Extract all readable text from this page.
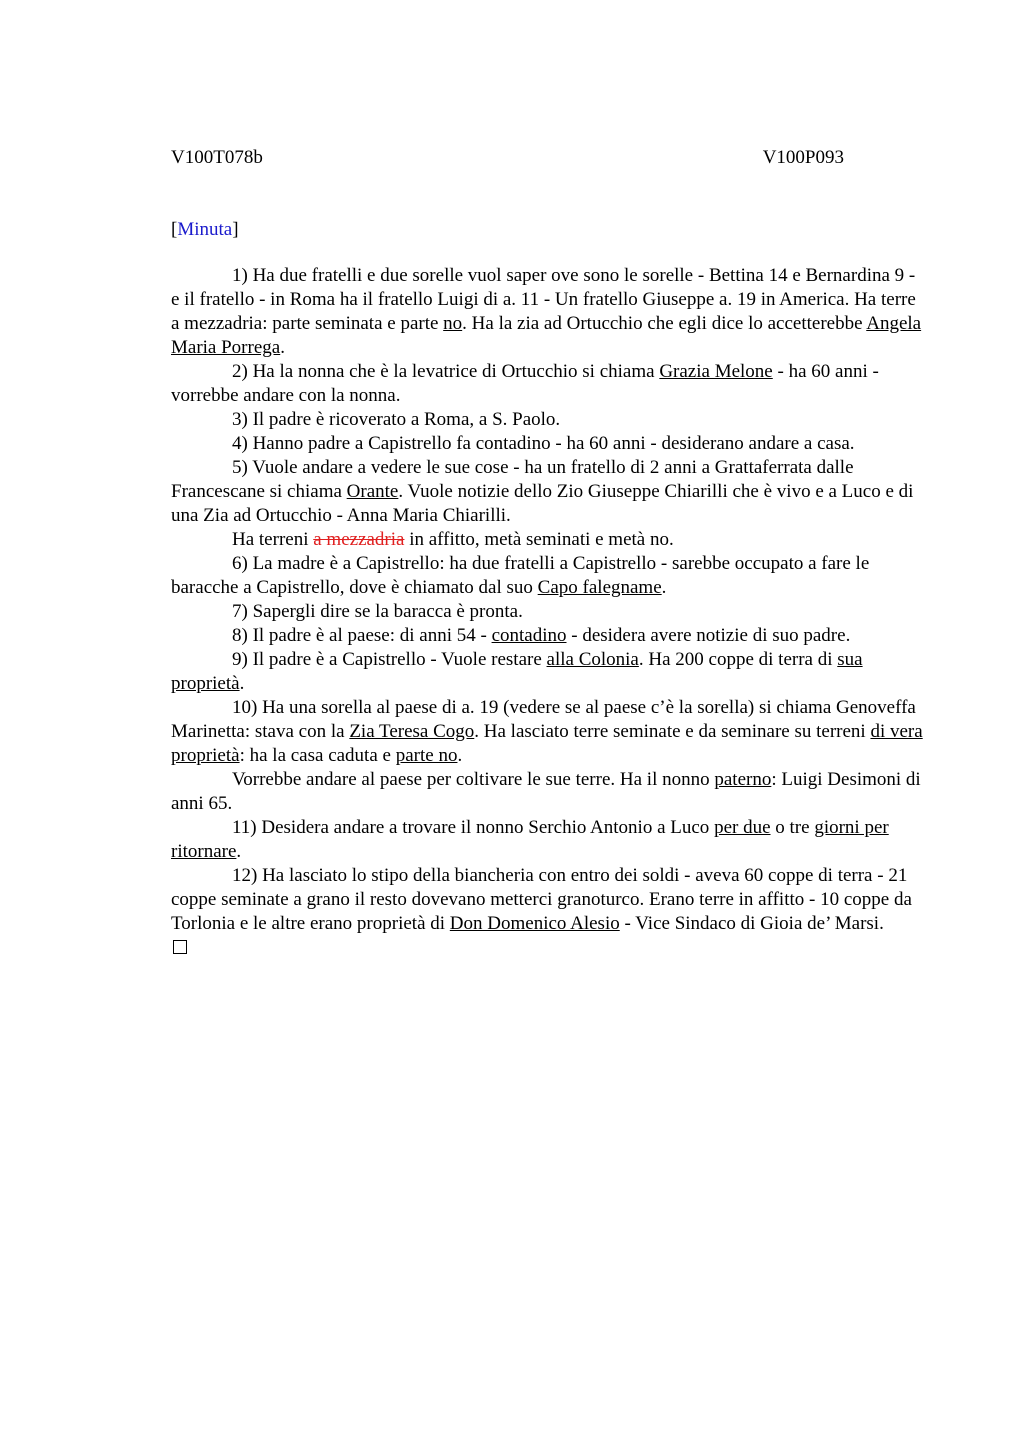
V100T078b	V100P093
[Minuta]

1) Ha due fratelli e due sorelle vuol saper ove sono le sorelle - Bettina 14 e Bernardina 9 - e il fratello - in Roma ha il fratello Luigi di a. 11 - Un fratello Giuseppe a. 19 in America. Ha terre a mezzadria: parte seminata e parte no. Ha la zia ad Ortucchio che egli dice lo accetterebbe Angela Maria Porrega.

2) Ha la nonna che è la levatrice di Ortucchio si chiama Grazia Melone - ha 60 anni - vorrebbe andare con la nonna.

3) Il padre è ricoverato a Roma, a S. Paolo.

4) Hanno padre a Capistrello fa contadino - ha 60 anni - desiderano andare a casa.

5) Vuole andare a vedere le sue cose - ha un fratello di 2 anni a Grattaferrata dalle Francescane si chiama Orante. Vuole notizie dello Zio Giuseppe Chiarilli che è vivo e a Luco e di una Zia ad Ortucchio - Anna Maria Chiarilli.

Ha terreni a mezzadria in affitto, metà seminati e metà no.

6) La madre è a Capistrello: ha due fratelli a Capistrello - sarebbe occupato a fare le baracche a Capistrello, dove è chiamato dal suo Capo falegname.

7) Sapergli dire se la baracca è pronta.

8) Il padre è al paese: di anni 54 - contadino - desidera avere notizie di suo padre.

9) Il padre è a Capistrello - Vuole restare alla Colonia. Ha 200 coppe di terra di sua proprietà.

10) Ha una sorella al paese di a. 19 (vedere se al paese c’è la sorella) si chiama Genoveffa Marinetta: stava con la Zia Teresa Cogo. Ha lasciato terre seminate e da seminare su terreni di vera proprietà: ha la casa caduta e parte no.

Vorrebbe andare al paese per coltivare le sue terre. Ha il nonno paterno: Luigi Desimoni di anni 65.

11) Desidera andare a trovare il nonno Serchio Antonio a Luco per due o tre giorni per ritornare.

12) Ha lasciato lo stipo della biancheria con entro dei soldi - aveva 60 coppe di terra - 21 coppe seminate a grano il resto dovevano metterci granoturco. Erano terre in affitto - 10 coppe da Torlonia e le altre erano proprietà di Don Domenico Alesio - Vice Sindaco di Gioia de’ Marsi.
